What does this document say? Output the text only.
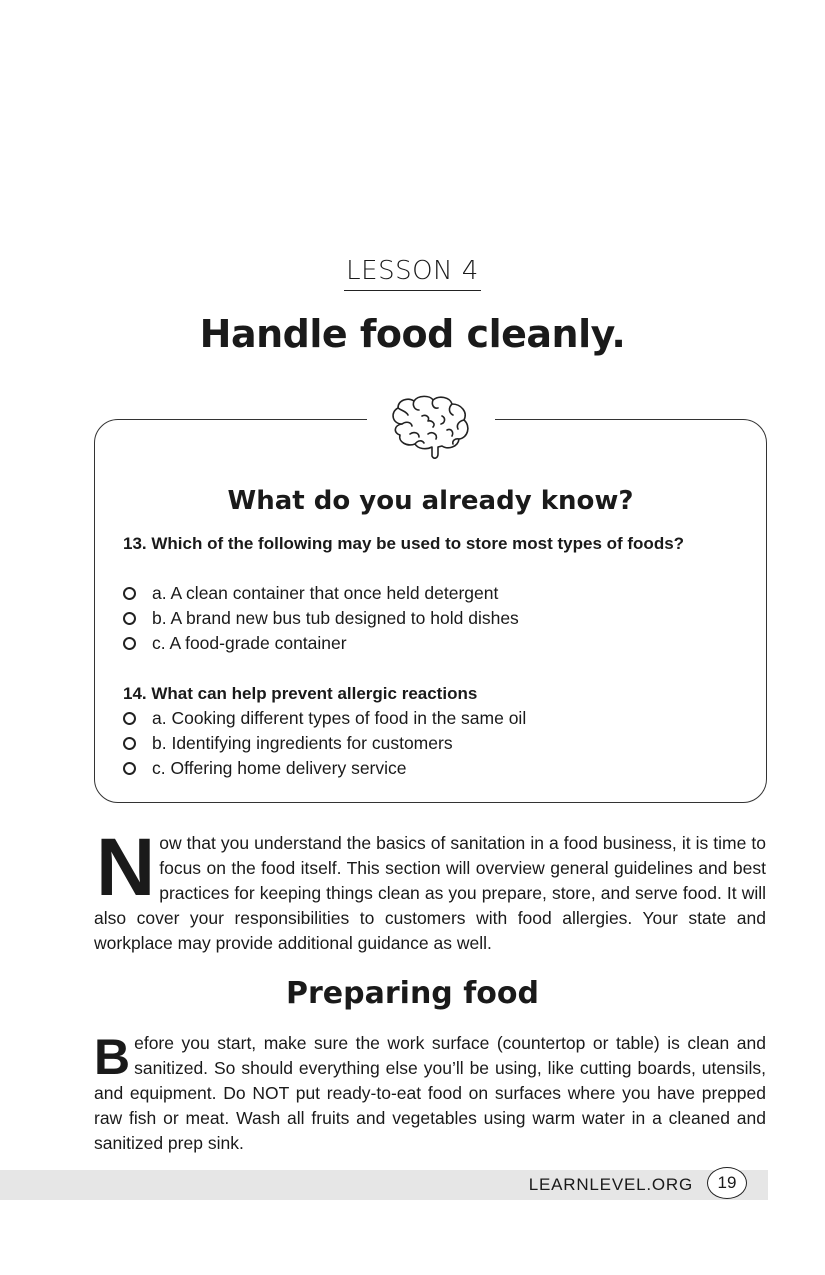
LESSON 4
Handle food cleanly.
What do you already know?
13. Which of the following may be used to store most types of foods?
a. A clean container that once held detergent
b. A brand new bus tub designed to hold dishes
c. A food-grade container
14. What can help prevent allergic reactions
a. Cooking different types of food in the same oil
b. Identifying ingredients for customers
c. Offering home delivery service
N ow that you understand the basics of sanitation in a food business, it is time to focus on the food itself. This section will overview general guidelines and best practices for keeping things clean as you prepare, store, and serve food. It will also cover your responsibilities to customers with food allergies. Your state and workplace may provide additional guidance as well.
Preparing food
B efore you start, make sure the work surface (countertop or table) is clean and sanitized. So should everything else you’ll be using, like cutting boards, utensils, and equipment. Do NOT put ready-to-eat food on surfaces where you have prepped raw fish or meat. Wash all fruits and vegetables using warm water in a cleaned and sanitized prep sink.
LEARNLEVEL.ORG	19
